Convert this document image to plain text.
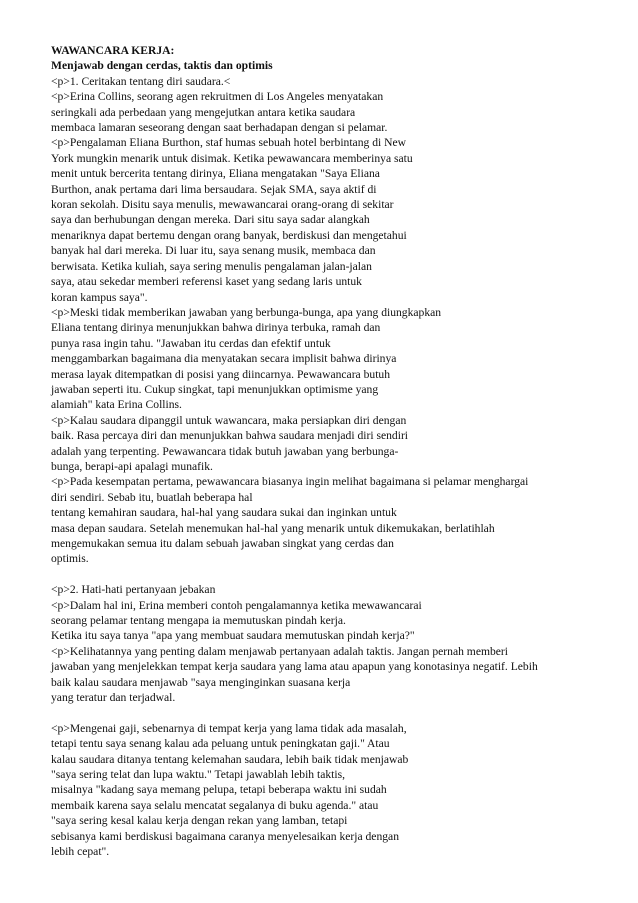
WAWANCARA KERJA:
Menjawab dengan cerdas, taktis dan optimis
<p>1. Ceritakan tentang diri saudara.<
<p>Erina Collins, seorang agen rekruitmen di Los Angeles menyatakan
seringkali ada perbedaan yang mengejutkan antara ketika saudara
membaca lamaran seseorang dengan saat berhadapan dengan si pelamar.
<p>Pengalaman Eliana Burthon, staf humas sebuah hotel berbintang di New
York mungkin menarik untuk disimak. Ketika pewawancara memberinya satu
menit untuk bercerita tentang dirinya, Eliana mengatakan "Saya Eliana
Burthon, anak pertama dari lima bersaudara. Sejak SMA, saya aktif di
koran sekolah. Disitu saya menulis, mewawancarai orang-orang di sekitar
saya dan berhubungan dengan mereka. Dari situ saya sadar alangkah
menariknya dapat bertemu dengan orang banyak, berdiskusi dan mengetahui
banyak hal dari mereka. Di luar itu, saya senang musik, membaca dan
berwisata. Ketika kuliah, saya sering menulis pengalaman jalan-jalan
saya, atau sekedar memberi referensi kaset yang sedang laris untuk
koran kampus saya".
<p>Meski tidak memberikan jawaban yang berbunga-bunga, apa yang diungkapkan
Eliana tentang dirinya menunjukkan bahwa dirinya terbuka, ramah dan
punya rasa ingin tahu. "Jawaban itu cerdas dan efektif untuk
menggambarkan bagaimana dia menyatakan secara implisit bahwa dirinya
merasa layak ditempatkan di posisi yang diincarnya. Pewawancara butuh
jawaban seperti itu. Cukup singkat, tapi menunjukkan optimisme yang
alamiah" kata Erina Collins.
<p>Kalau saudara dipanggil untuk wawancara, maka persiapkan diri dengan
baik. Rasa percaya diri dan menunjukkan bahwa saudara menjadi diri sendiri
adalah yang terpenting. Pewawancara tidak butuh jawaban yang berbunga-
bunga, berapi-api apalagi munafik.
<p>Pada kesempatan pertama, pewawancara biasanya ingin melihat bagaimana si pelamar menghargai
diri sendiri. Sebab itu, buatlah beberapa hal
tentang kemahiran saudara, hal-hal yang saudara sukai dan inginkan untuk
masa depan saudara. Setelah menemukan hal-hal yang menarik untuk dikemukakan, berlatihlah
mengemukakan semua itu dalam sebuah jawaban singkat yang cerdas dan
optimis.
<p>2. Hati-hati pertanyaan jebakan
<p>Dalam hal ini, Erina memberi contoh pengalamannya ketika mewawancarai
seorang pelamar tentang mengapa ia memutuskan pindah kerja.
Ketika itu saya tanya "apa yang membuat saudara memutuskan pindah kerja?"
<p>Kelihatannya yang penting dalam menjawab pertanyaan adalah taktis. Jangan pernah memberi
jawaban yang menjelekkan tempat kerja saudara yang lama atau apapun yang konotasinya negatif. Lebih
baik kalau saudara menjawab "saya menginginkan suasana kerja
yang teratur dan terjadwal.
<p>Mengenai gaji, sebenarnya di tempat kerja yang lama tidak ada masalah,
tetapi tentu saya senang kalau ada peluang untuk peningkatan gaji." Atau
kalau saudara ditanya tentang kelemahan saudara, lebih baik tidak menjawab
"saya sering telat dan lupa waktu." Tetapi jawablah lebih taktis,
misalnya "kadang saya memang pelupa, tetapi beberapa waktu ini sudah
membaik karena saya selalu mencatat segalanya di buku agenda." atau
"saya sering kesal kalau kerja dengan rekan yang lamban, tetapi
sebisanya kami berdiskusi bagaimana caranya menyelesaikan kerja dengan
lebih cepat".
